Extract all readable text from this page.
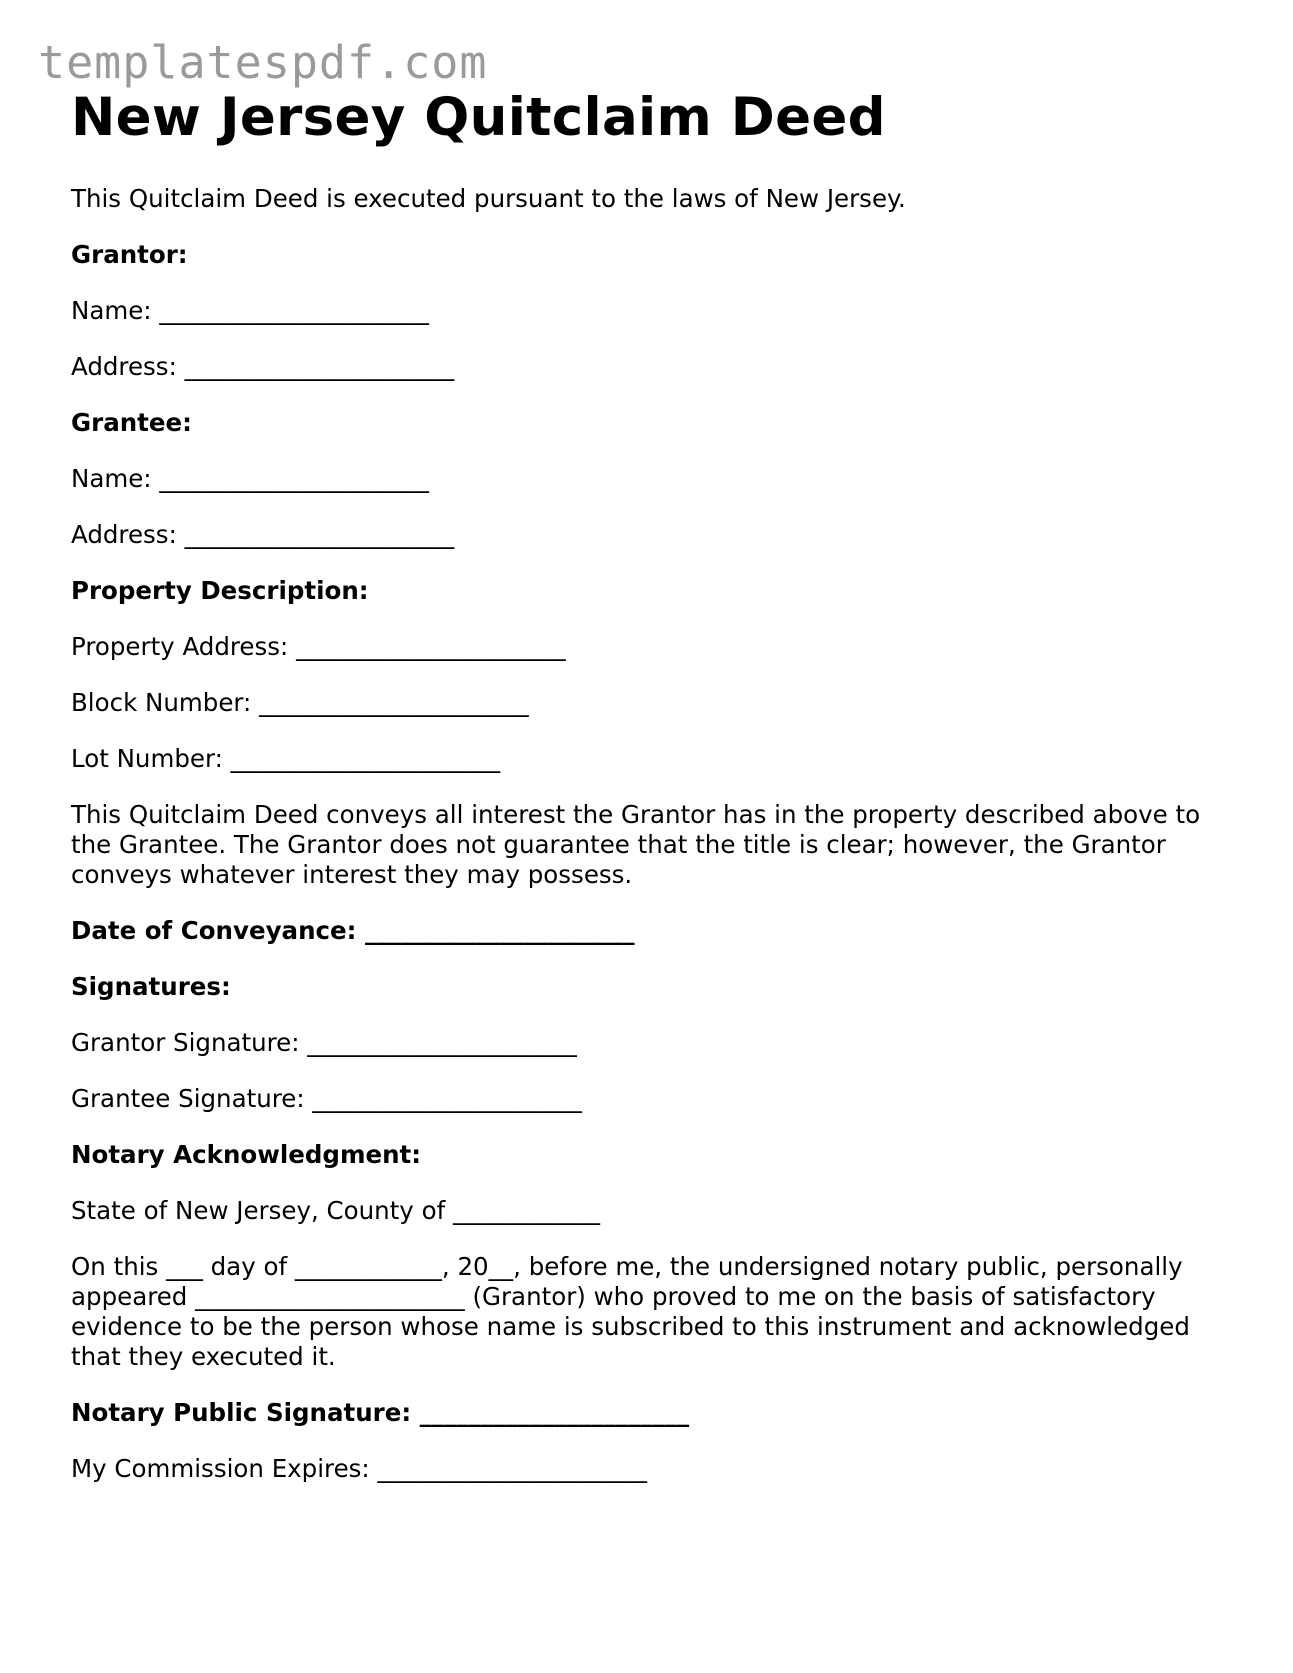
templatespdf.com
New Jersey Quitclaim Deed
This Quitclaim Deed is executed pursuant to the laws of New Jersey.
Grantor:
Name: ______________________
Address: ______________________
Grantee:
Name: ______________________
Address: ______________________
Property Description:
Property Address: ______________________
Block Number: ______________________
Lot Number: ______________________
This Quitclaim Deed conveys all interest the Grantor has in the property described above to the Grantee. The Grantor does not guarantee that the title is clear; however, the Grantor conveys whatever interest they may possess.
Date of Conveyance: ______________________
Signatures:
Grantor Signature: ______________________
Grantee Signature: ______________________
Notary Acknowledgment:
State of New Jersey, County of ____________
On this ___ day of ____________, 20__, before me, the undersigned notary public, personally appeared ______________________ (Grantor) who proved to me on the basis of satisfactory evidence to be the person whose name is subscribed to this instrument and acknowledged that they executed it.
Notary Public Signature: ______________________
My Commission Expires: ______________________
